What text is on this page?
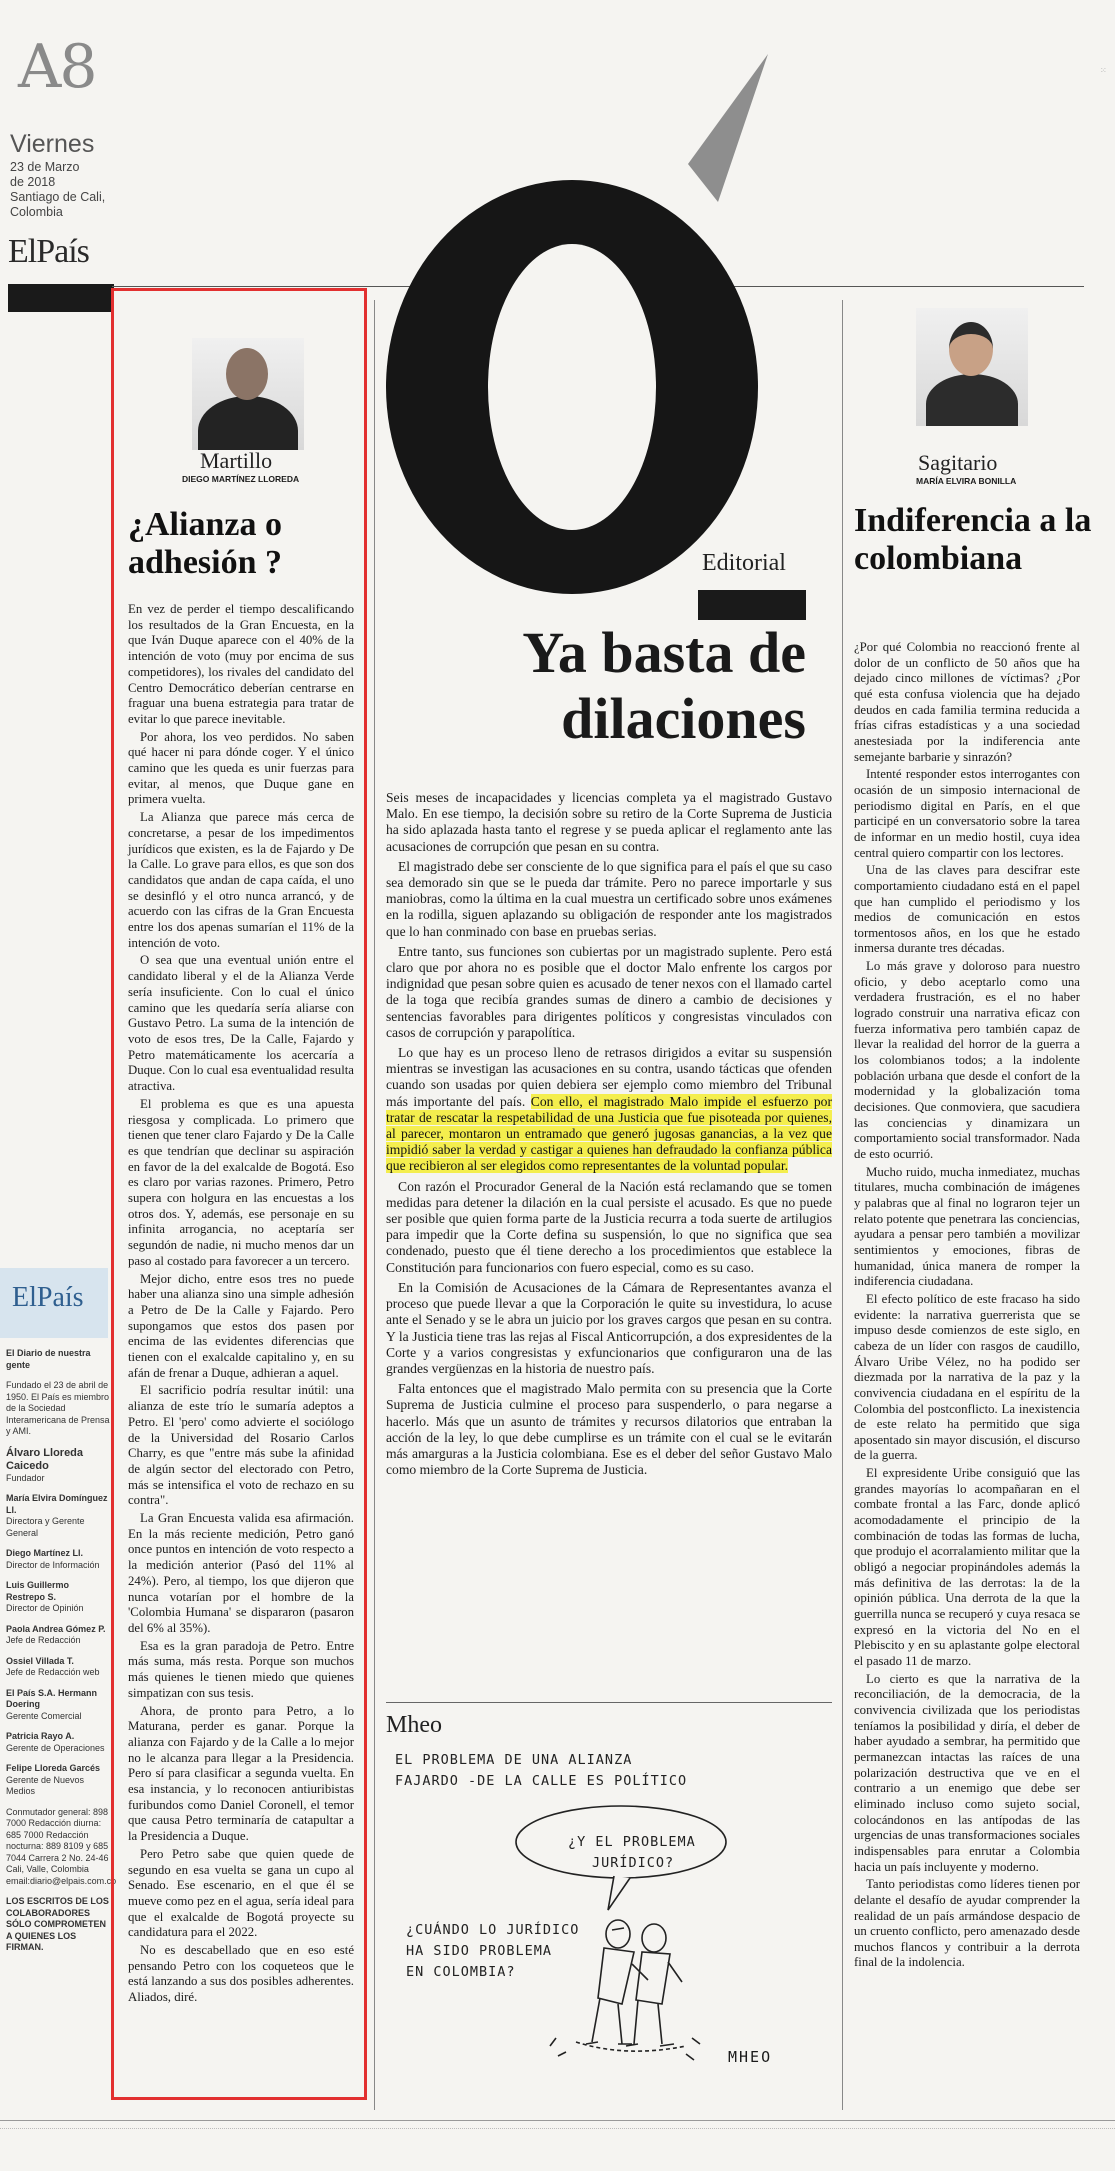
A8
Viernes
23 de Marzo
de 2018
Santiago de Cali,
Colombia
ElPaís
⁙
ElPaís
El Diario de nuestra gente
Fundado el 23 de abril de 1950. El País es miembro de la Sociedad Interamericana de Prensa y AMI.
Álvaro Lloreda Caicedo
Fundador
María Elvira Domínguez Ll.
Directora y Gerente General
Diego Martínez Ll.
Director de Información
Luis Guillermo Restrepo S.
Director de Opinión
Paola Andrea Gómez P.
Jefe de Redacción
Ossiel Villada T.
Jefe de Redacción web
El País S.A. Hermann Doering
Gerente Comercial
Patricia Rayo A.
Gerente de Operaciones
Felipe Lloreda Garcés
Gerente de Nuevos Medios
Conmutador general: 898 7000 Redacción diurna: 685 7000 Redacción nocturna: 889 8109 y 685 7044 Carrera 2 No. 24-46 Cali, Valle, Colombia email:diario@elpais.com.co
LOS ESCRITOS DE LOS COLABORADORES SÓLO COMPROMETEN A QUIENES LOS FIRMAN.
Martillo
DIEGO MARTÍNEZ LLOREDA
¿Alianza o adhesión ?

En vez de perder el tiempo descalificando los resultados de la Gran Encuesta, en la que Iván Duque aparece con el 40% de la intención de voto (muy por encima de sus competidores), los rivales del candidato del Centro Democrático deberían centrarse en fraguar una buena estrategia para tratar de evitar lo que parece inevitable.

Por ahora, los veo perdidos. No saben qué hacer ni para dónde coger. Y el único camino que les queda es unir fuerzas para evitar, al menos, que Duque gane en primera vuelta.

La Alianza que parece más cerca de concretarse, a pesar de los impedimentos jurídicos que existen, es la de Fajardo y De la Calle. Lo grave para ellos, es que son dos candidatos que andan de capa caída, el uno se desinfló y el otro nunca arrancó, y de acuerdo con las cifras de la Gran Encuesta entre los dos apenas sumarían el 11% de la intención de voto.

O sea que una eventual unión entre el candidato liberal y el de la Alianza Verde sería insuficiente. Con lo cual el único camino que les quedaría sería aliarse con Gustavo Petro. La suma de la intención de voto de esos tres, De la Calle, Fajardo y Petro matemáticamente los acercaría a Duque. Con lo cual esa eventualidad resulta atractiva.

El problema es que es una apuesta riesgosa y complicada. Lo primero que tienen que tener claro Fajardo y De la Calle es que tendrían que declinar su aspiración en favor de la del exalcalde de Bogotá. Eso es claro por varias razones. Primero, Petro supera con holgura en las encuestas a los otros dos. Y, además, ese personaje en su infinita arrogancia, no aceptaría ser segundón de nadie, ni mucho menos dar un paso al costado para favorecer a un tercero.

Mejor dicho, entre esos tres no puede haber una alianza sino una simple adhesión a Petro de De la Calle y Fajardo. Pero supongamos que estos dos pasen por encima de las evidentes diferencias que tienen con el exalcalde capitalino y, en su afán de frenar a Duque, adhieran a aquel.

El sacrificio podría resultar inútil: una alianza de este trío le sumaría adeptos a Petro. El 'pero' como advierte el sociólogo de la Universidad del Rosario Carlos Charry, es que "entre más sube la afinidad de algún sector del electorado con Petro, más se intensifica el voto de rechazo en su contra".

La Gran Encuesta valida esa afirmación. En la más reciente medición, Petro ganó once puntos en intención de voto respecto a la medición anterior (Pasó del 11% al 24%). Pero, al tiempo, los que dijeron que nunca votarían por el hombre de la 'Colombia Humana' se dispararon (pasaron del 6% al 35%).

Esa es la gran paradoja de Petro. Entre más suma, más resta. Porque son muchos más quienes le tienen miedo que quienes simpatizan con sus tesis.

Ahora, de pronto para Petro, a lo Maturana, perder es ganar. Porque la alianza con Fajardo y de la Calle a lo mejor no le alcanza para llegar a la Presidencia. Pero sí para clasificar a segunda vuelta. En esa instancia, y lo reconocen antiuribistas furibundos como Daniel Coronell, el temor que causa Petro terminaría de catapultar a la Presidencia a Duque.

Pero Petro sabe que quien quede de segundo en esa vuelta se gana un cupo al Senado. Ese escenario, en el que él se mueve como pez en el agua, sería ideal para que el exalcalde de Bogotá proyecte su candidatura para el 2022.

No es descabellado que en eso esté pensando Petro con los coqueteos que le está lanzando a sus dos posibles adherentes. Aliados, diré.

Editorial
Ya basta de dilaciones

Seis meses de incapacidades y licencias completa ya el magistrado Gustavo Malo. En ese tiempo, la decisión sobre su retiro de la Corte Suprema de Justicia ha sido aplazada hasta tanto el regrese y se pueda aplicar el reglamento ante las acusaciones de corrupción que pesan en su contra.

El magistrado debe ser consciente de lo que significa para el país el que su caso sea demorado sin que se le pueda dar trámite. Pero no parece importarle y sus maniobras, como la última en la cual muestra un certificado sobre unos exámenes en la rodilla, siguen aplazando su obligación de responder ante los magistrados que lo han conminado con base en pruebas serias.

Entre tanto, sus funciones son cubiertas por un magistrado suplente. Pero está claro que por ahora no es posible que el doctor Malo enfrente los cargos por indignidad que pesan sobre quien es acusado de tener nexos con el llamado cartel de la toga que recibía grandes sumas de dinero a cambio de decisiones y sentencias favorables para dirigentes políticos y congresistas vinculados con casos de corrupción y parapolítica.

Lo que hay es un proceso lleno de retrasos dirigidos a evitar su suspensión mientras se investigan las acusaciones en su contra, usando tácticas que ofenden cuando son usadas por quien debiera ser ejemplo como miembro del Tribunal más importante del país. Con ello, el magistrado Malo impide el esfuerzo por tratar de rescatar la respetabilidad de una Justicia que fue pisoteada por quienes, al parecer, montaron un entramado que generó jugosas ganancias, a la vez que impidió saber la verdad y castigar a quienes han defraudado la confianza pública que recibieron al ser elegidos como representantes de la voluntad popular.

Con razón el Procurador General de la Nación está reclamando que se tomen medidas para detener la dilación en la cual persiste el acusado. Es que no puede ser posible que quien forma parte de la Justicia recurra a toda suerte de artilugios para impedir que la Corte defina su suspensión, lo que no significa que sea condenado, puesto que él tiene derecho a los procedimientos que establece la Constitución para funcionarios con fuero especial, como es su caso.

En la Comisión de Acusaciones de la Cámara de Representantes avanza el proceso que puede llevar a que la Corporación le quite su investidura, lo acuse ante el Senado y se le abra un juicio por los graves cargos que pesan en su contra. Y la Justicia tiene tras las rejas al Fiscal Anticorrupción, a dos expresidentes de la Corte y a varios congresistas y exfuncionarios que configuraron una de las grandes vergüenzas en la historia de nuestro país.

Falta entonces que el magistrado Malo permita con su presencia que la Corte Suprema de Justicia culmine el proceso para suspenderlo, o para negarse a hacerlo. Más que un asunto de trámites y recursos dilatorios que entraban la acción de la ley, lo que debe cumplirse es un trámite con el cual se le evitarán más amarguras a la Justicia colombiana. Ese es el deber del señor Gustavo Malo como miembro de la Corte Suprema de Justicia.

Mheo
EL PROBLEMA DE UNA ALIANZA
FAJARDO -DE LA CALLE ES POLÍTICO
¿Y EL PROBLEMA
JURÍDICO?
¿CUÁNDO LO JURÍDICO
HA SIDO PROBLEMA
EN COLOMBIA?
MHEO
Sagitario
MARÍA ELVIRA BONILLA
Indiferencia a la colombiana

¿Por qué Colombia no reaccionó frente al dolor de un conflicto de 50 años que ha dejado cinco millones de víctimas? ¿Por qué esta confusa violencia que ha dejado deudos en cada familia termina reducida a frías cifras estadísticas y a una sociedad anestesiada por la indiferencia ante semejante barbarie y sinrazón?

Intenté responder estos interrogantes con ocasión de un simposio internacional de periodismo digital en París, en el que participé en un conversatorio sobre la tarea de informar en un medio hostil, cuya idea central quiero compartir con los lectores.

Una de las claves para descifrar este comportamiento ciudadano está en el papel que han cumplido el periodismo y los medios de comunicación en estos tormentosos años, en los que he estado inmersa durante tres décadas.

Lo más grave y doloroso para nuestro oficio, y debo aceptarlo como una verdadera frustración, es el no haber logrado construir una narrativa eficaz con fuerza informativa pero también capaz de llevar la realidad del horror de la guerra a los colombianos todos; a la indolente población urbana que desde el confort de la modernidad y la globalización toma decisiones. Que conmoviera, que sacudiera las conciencias y dinamizara un comportamiento social transformador. Nada de esto ocurrió.

Mucho ruido, mucha inmediatez, muchas titulares, mucha combinación de imágenes y palabras que al final no lograron tejer un relato potente que penetrara las conciencias, ayudara a pensar pero también a movilizar sentimientos y emociones, fibras de humanidad, única manera de romper la indiferencia ciudadana.

El efecto político de este fracaso ha sido evidente: la narrativa guerrerista que se impuso desde comienzos de este siglo, en cabeza de un líder con rasgos de caudillo, Álvaro Uribe Vélez, no ha podido ser diezmada por la narrativa de la paz y la convivencia ciudadana en el espíritu de la Colombia del postconflicto. La inexistencia de este relato ha permitido que siga aposentado sin mayor discusión, el discurso de la guerra.

El expresidente Uribe consiguió que las grandes mayorías lo acompañaran en el combate frontal a las Farc, donde aplicó acomodadamente el principio de la combinación de todas las formas de lucha, que produjo el acorralamiento militar que la obligó a negociar propinándoles además la más definitiva de las derrotas: la de la opinión pública. Una derrota de la que la guerrilla nunca se recuperó y cuya resaca se expresó en la victoria del No en el Plebiscito y en su aplastante golpe electoral el pasado 11 de marzo.

Lo cierto es que la narrativa de la reconciliación, de la democracia, de la convivencia civilizada que los periodistas teníamos la posibilidad y diría, el deber de haber ayudado a sembrar, ha permitido que permanezcan intactas las raíces de una polarización destructiva que ve en el contrario a un enemigo que debe ser eliminado incluso como sujeto social, colocándonos en las antípodas de las urgencias de unas transformaciones sociales indispensables para enrutar a Colombia hacia un país incluyente y moderno.

Tanto periodistas como líderes tienen por delante el desafío de ayudar comprender la realidad de un país armándose despacio de un cruento conflicto, pero amenazado desde muchos flancos y contribuir a la derrota final de la indolencia.
